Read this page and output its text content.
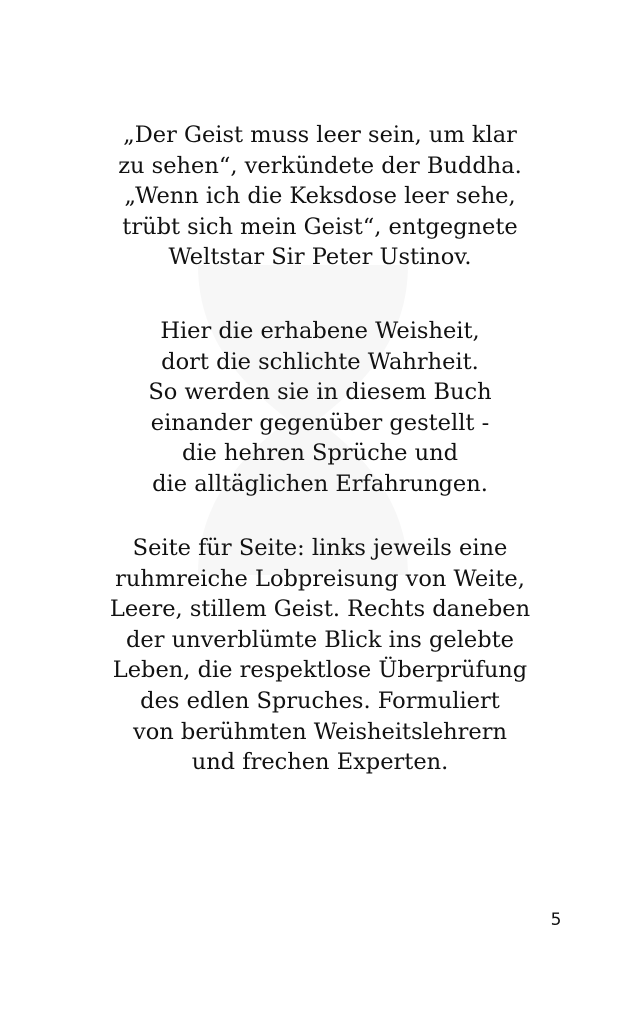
„Der Geist muss leer sein, um klar
zu sehen“, verkündete der Buddha.
„Wenn ich die Keksdose leer sehe,
trübt sich mein Geist“, entgegnete
Weltstar Sir Peter Ustinov.
Hier die erhabene Weisheit,
dort die schlichte Wahrheit.
So werden sie in diesem Buch
einander gegenüber gestellt -
die hehren Sprüche und
die alltäglichen Erfahrungen.
Seite für Seite: links jeweils eine
ruhmreiche Lobpreisung von Weite,
Leere, stillem Geist. Rechts daneben
der unverblümte Blick ins gelebte
Leben, die respektlose Überprüfung
des edlen Spruches. Formuliert
von berühmten Weisheitslehrern
und frechen Experten.
5
